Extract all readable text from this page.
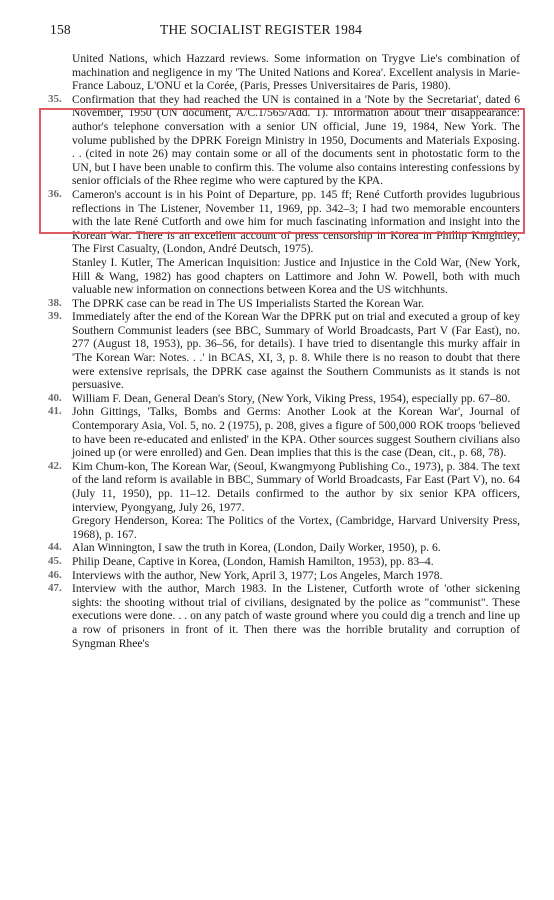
158	THE SOCIALIST REGISTER 1984
United Nations, which Hazzard reviews. Some information on Trygve Lie's combination of machination and negligence in my 'The United Nations and Korea'. Excellent analysis in Marie-France Labouz, L'ONU et la Corée, (Paris, Presses Universitaires de Paris, 1980).
35. Confirmation that they had reached the UN is contained in a 'Note by the Secretariat', dated 6 November, 1950 (UN document, A/C.1/565/Add. 1). Information about their disappearance: author's telephone conversation with a senior UN official, June 19, 1984, New York. The volume published by the DPRK Foreign Ministry in 1950, Documents and Materials Exposing. . . (cited in note 26) may contain some or all of the documents sent in photostatic form to the UN, but I have been unable to confirm this. The volume also contains interesting confessions by senior officials of the Rhee regime who were captured by the KPA.
36. Cameron's account is in his Point of Departure, pp. 145 ff; René Cutforth provides lugubrious reflections in The Listener, November 11, 1969, pp. 342–3; I had two memorable encounters with the late René Cutforth and owe him for much fascinating information and insight into the Korean War. There is an excellent account of press censorship in Korea in Phillip Knightley, The First Casualty, (London, André Deutsch, 1975).
Stanley I. Kutler, The American Inquisition: Justice and Injustice in the Cold War, (New York, Hill & Wang, 1982) has good chapters on Lattimore and John W. Powell, both with much valuable new information on connections between Korea and the US witchhunts.
38. The DPRK case can be read in The US Imperialists Started the Korean War.
39. Immediately after the end of the Korean War the DPRK put on trial and executed a group of key Southern Communist leaders (see BBC, Summary of World Broadcasts, Part V (Far East), no. 277 (August 18, 1953), pp. 36–56, for details). I have tried to disentangle this murky affair in 'The Korean War: Notes. . .' in BCAS, XI, 3, p. 8. While there is no reason to doubt that there were extensive reprisals, the DPRK case against the Southern Communists as it stands is not persuasive.
40. William F. Dean, General Dean's Story, (New York, Viking Press, 1954), especially pp. 67–80.
41. John Gittings, 'Talks, Bombs and Germs: Another Look at the Korean War', Journal of Contemporary Asia, Vol. 5, no. 2 (1975), p. 208, gives a figure of 500,000 ROK troops 'believed to have been re-educated and enlisted' in the KPA. Other sources suggest Southern civilians also joined up (or were enrolled) and Gen. Dean implies that this is the case (Dean, cit., p. 68, 78).
42. Kim Chum-kon, The Korean War, (Seoul, Kwangmyong Publishing Co., 1973), p. 384. The text of the land reform is available in BBC, Summary of World Broadcasts, Far East (Part V), no. 64 (July 11, 1950), pp. 11–12. Details confirmed to the author by six senior KPA officers, interview, Pyongyang, July 26, 1977.
Gregory Henderson, Korea: The Politics of the Vortex, (Cambridge, Harvard University Press, 1968), p. 167.
44. Alan Winnington, I saw the truth in Korea, (London, Daily Worker, 1950), p. 6.
45. Philip Deane, Captive in Korea, (London, Hamish Hamilton, 1953), pp. 83–4.
46. Interviews with the author, New York, April 3, 1977; Los Angeles, March 1978.
47. Interview with the author, March 1983. In the Listener, Cutforth wrote of 'other sickening sights: the shooting without trial of civilians, designated by the police as "communist". These executions were done. . . on any patch of waste ground where you could dig a trench and line up a row of prisoners in front of it. Then there was the horrible brutality and corruption of Syngman Rhee's
